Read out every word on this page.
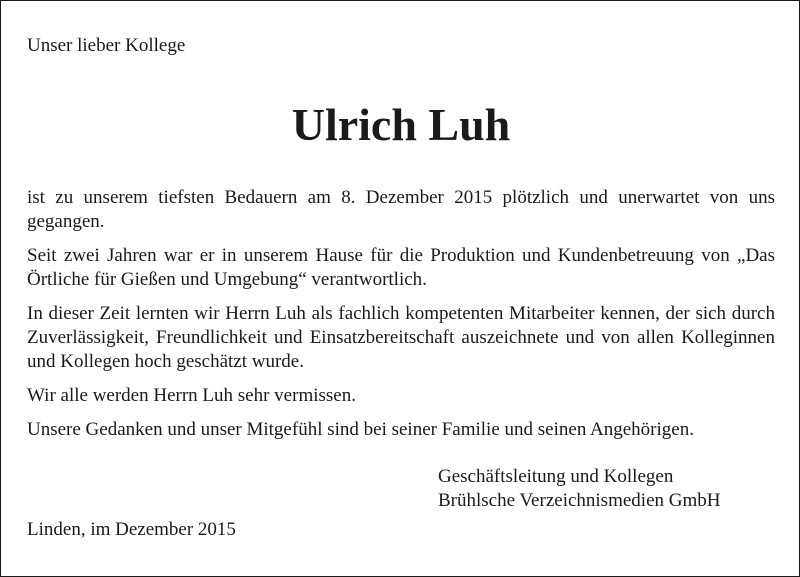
Unser lieber Kollege

Ulrich Luh

ist zu unserem tiefsten Bedauern am 8. Dezember 2015 plötzlich und unerwartet von uns gegangen.

Seit zwei Jahren war er in unserem Hause für die Produktion und Kundenbetreuung von „Das Örtliche für Gießen und Umgebung“ verantwortlich.

In dieser Zeit lernten wir Herrn Luh als fachlich kompetenten Mitarbeiter kennen, der sich durch Zuverlässigkeit, Freundlichkeit und Einsatzbereitschaft auszeichnete und von allen Kolleginnen und Kollegen hoch geschätzt wurde.

Wir alle werden Herrn Luh sehr vermissen.

Unsere Gedanken und unser Mitgefühl sind bei seiner Familie und seinen Angehörigen.

Geschäftsleitung und Kollegen
Brühlsche Verzeichnismedien GmbH

Linden, im Dezember 2015
